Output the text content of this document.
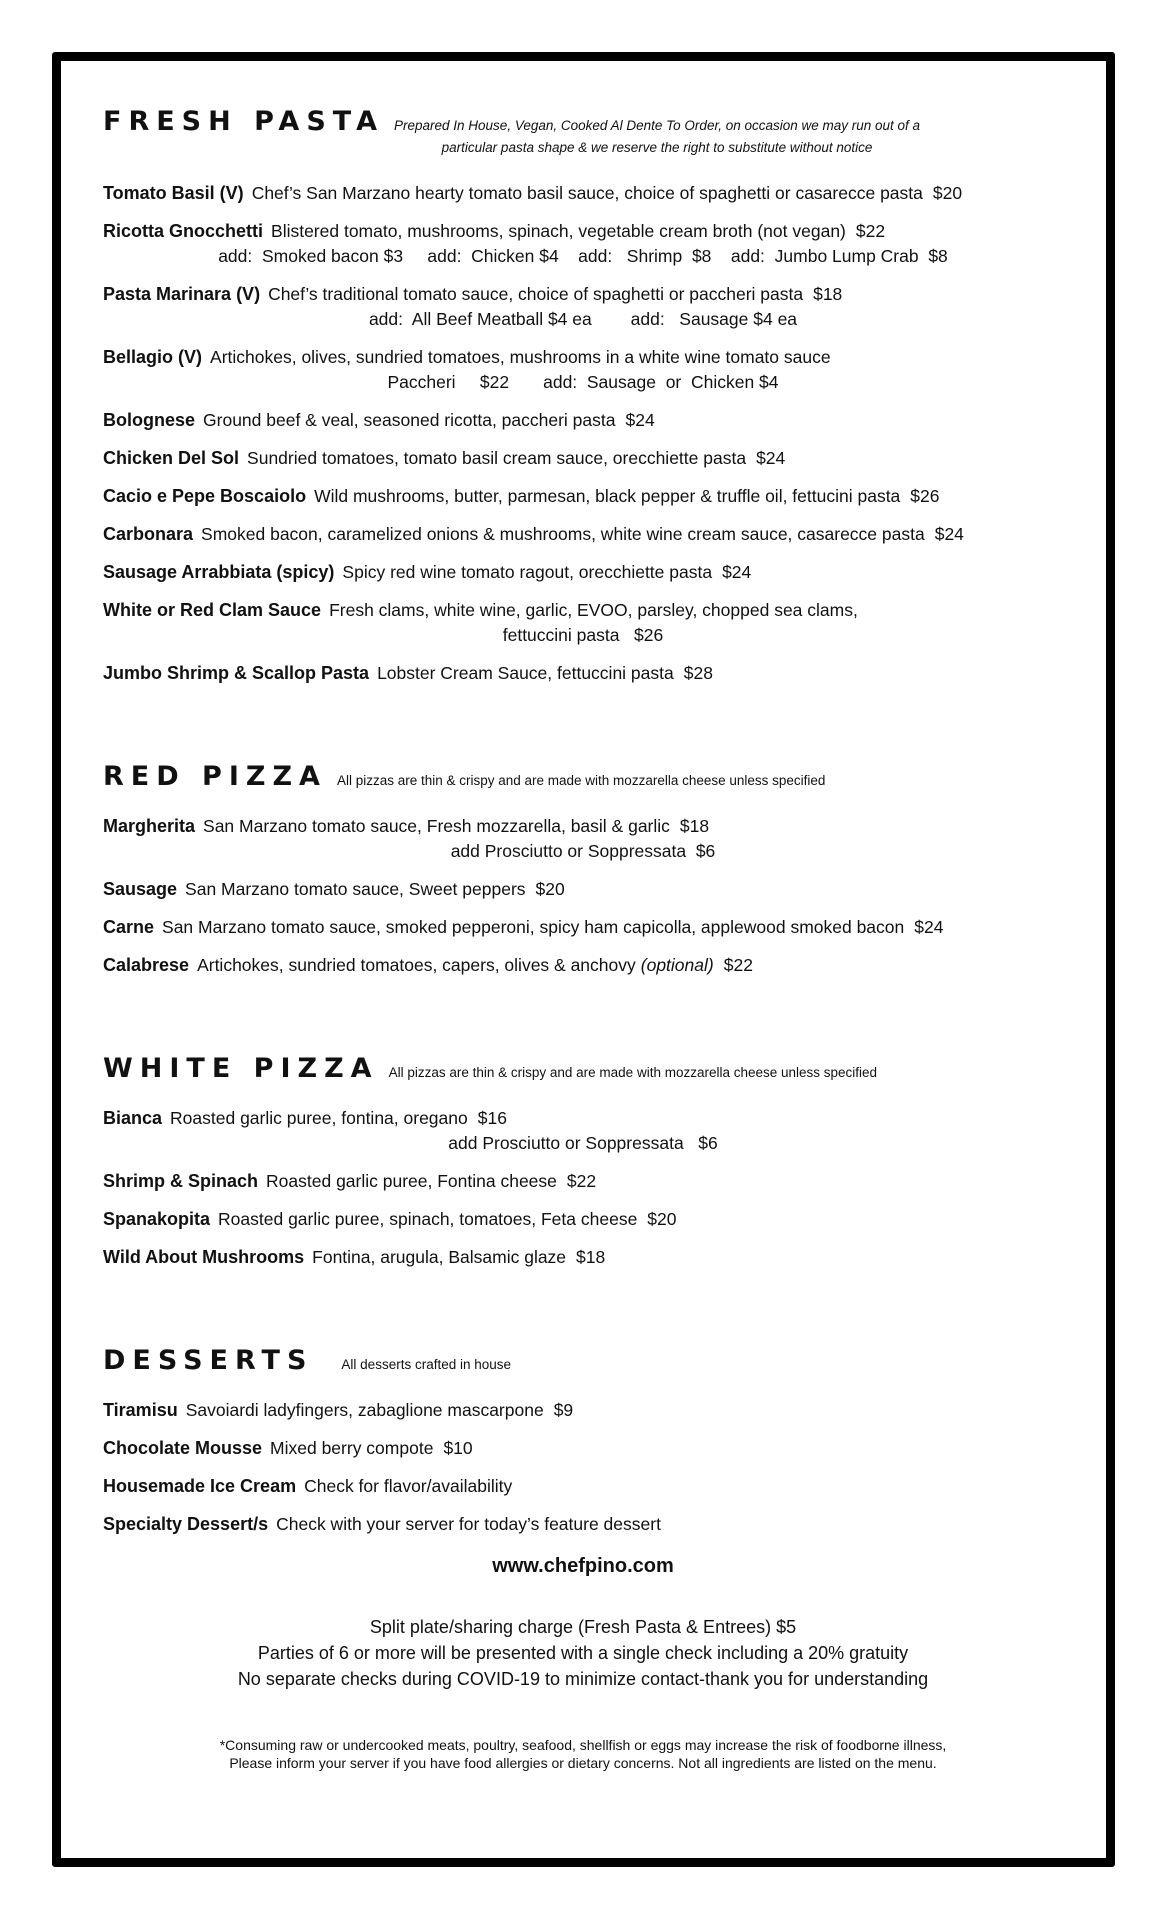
FRESH PASTA Prepared In House, Vegan, Cooked Al Dente To Order, on occasion we may run out of a
particular pasta shape & we reserve the right to substitute without notice
Tomato Basil (V) Chef’s San Marzano hearty tomato basil sauce, choice of spaghetti or casarecce pasta $20
Ricotta Gnocchetti Blistered tomato, mushrooms, spinach, vegetable cream broth (not vegan) $22
add:  Smoked bacon $3     add:  Chicken $4    add:   Shrimp  $8    add:  Jumbo Lump Crab  $8
Pasta Marinara (V) Chef’s traditional tomato sauce, choice of spaghetti or paccheri pasta $18
add:  All Beef Meatball $4 ea        add:   Sausage $4 ea
Bellagio (V) Artichokes, olives, sundried tomatoes, mushrooms in a white wine tomato sauce
Paccheri     $22       add:  Sausage  or  Chicken $4
Bolognese Ground beef & veal, seasoned ricotta, paccheri pasta $24
Chicken Del Sol Sundried tomatoes, tomato basil cream sauce, orecchiette pasta $24
Cacio e Pepe Boscaiolo Wild mushrooms, butter, parmesan, black pepper & truffle oil, fettucini pasta $26
Carbonara Smoked bacon, caramelized onions & mushrooms, white wine cream sauce, casarecce pasta $24
Sausage Arrabbiata (spicy) Spicy red wine tomato ragout, orecchiette pasta $24
White or Red Clam Sauce Fresh clams, white wine, garlic, EVOO, parsley, chopped sea clams,
fettuccini pasta   $26
Jumbo Shrimp & Scallop Pasta Lobster Cream Sauce, fettuccini pasta $28
RED PIZZA All pizzas are thin & crispy and are made with mozzarella cheese unless specified
Margherita San Marzano tomato sauce, Fresh mozzarella, basil & garlic $18
add Prosciutto or Soppressata  $6
Sausage San Marzano tomato sauce, Sweet peppers $20
Carne San Marzano tomato sauce, smoked pepperoni, spicy ham capicolla, applewood smoked bacon $24
Calabrese Artichokes, sundried tomatoes, capers, olives & anchovy (optional) $22
WHITE PIZZA All pizzas are thin & crispy and are made with mozzarella cheese unless specified
Bianca Roasted garlic puree, fontina, oregano $16
add Prosciutto or Soppressata   $6
Shrimp & Spinach Roasted garlic puree, Fontina cheese $22
Spanakopita Roasted garlic puree, spinach, tomatoes, Feta cheese $20
Wild About Mushrooms Fontina, arugula, Balsamic glaze $18
DESSERTS All desserts crafted in house
Tiramisu Savoiardi ladyfingers, zabaglione mascarpone $9
Chocolate Mousse Mixed berry compote $10
Housemade Ice Cream Check for flavor/availability
Specialty Dessert/s Check with your server for today’s feature dessert
www.chefpino.com
Split plate/sharing charge (Fresh Pasta & Entrees) $5
Parties of 6 or more will be presented with a single check including a 20% gratuity
No separate checks during COVID-19 to minimize contact-thank you for understanding
*Consuming raw or undercooked meats, poultry, seafood, shellfish or eggs may increase the risk of foodborne illness,
Please inform your server if you have food allergies or dietary concerns. Not all ingredients are listed on the menu.
